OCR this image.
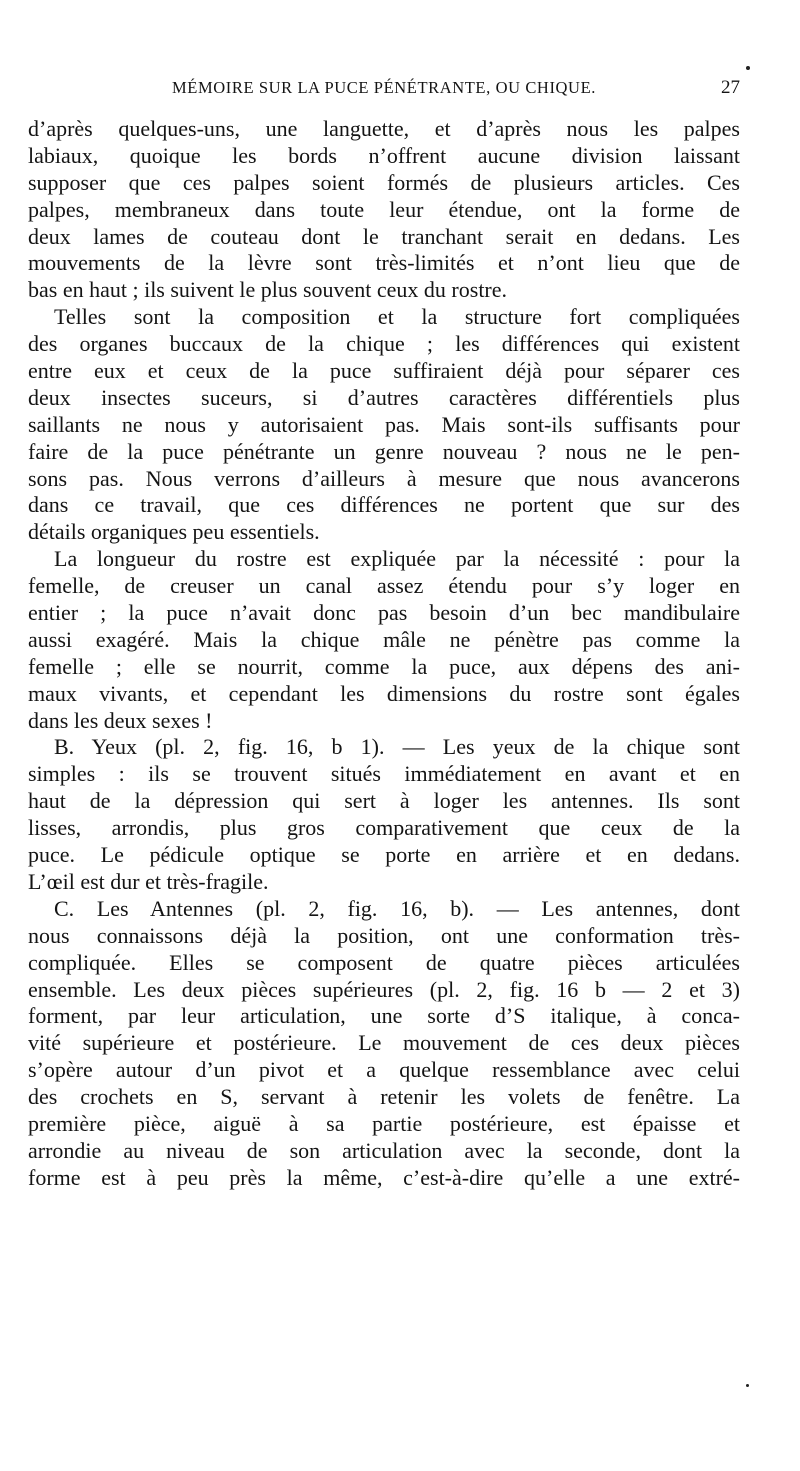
MÉMOIRE SUR LA PUCE PÉNÉTRANTE, OU CHIQUE.	27
d’après quelques-uns, une languette, et d’après nous les palpes
labiaux, quoique les bords n’offrent aucune division laissant
supposer que ces palpes soient formés de plusieurs articles. Ces
palpes, membraneux dans toute leur étendue, ont la forme de
deux lames de couteau dont le tranchant serait en dedans. Les
mouvements de la lèvre sont très-limités et n’ont lieu que de
bas en haut ; ils suivent le plus souvent ceux du rostre.
Telles sont la composition et la structure fort compliquées
des organes buccaux de la chique ; les différences qui existent
entre eux et ceux de la puce suffiraient déjà pour séparer ces
deux insectes suceurs, si d’autres caractères différentiels plus
saillants ne nous y autorisaient pas. Mais sont-ils suffisants pour
faire de la puce pénétrante un genre nouveau ? nous ne le pen-
sons pas. Nous verrons d’ailleurs à mesure que nous avancerons
dans ce travail, que ces différences ne portent que sur des
détails organiques peu essentiels.
La longueur du rostre est expliquée par la nécessité : pour la
femelle, de creuser un canal assez étendu pour s’y loger en
entier ; la puce n’avait donc pas besoin d’un bec mandibulaire
aussi exagéré. Mais la chique mâle ne pénètre pas comme la
femelle ; elle se nourrit, comme la puce, aux dépens des ani-
maux vivants, et cependant les dimensions du rostre sont égales
dans les deux sexes !
B. Yeux (pl. 2, fig. 16, b 1). — Les yeux de la chique sont
simples : ils se trouvent situés immédiatement en avant et en
haut de la dépression qui sert à loger les antennes. Ils sont
lisses, arrondis, plus gros comparativement que ceux de la
puce. Le pédicule optique se porte en arrière et en dedans.
L’œil est dur et très-fragile.
C. Les Antennes (pl. 2, fig. 16, b). — Les antennes, dont
nous connaissons déjà la position, ont une conformation très-
compliquée. Elles se composent de quatre pièces articulées
ensemble. Les deux pièces supérieures (pl. 2, fig. 16 b — 2 et 3)
forment, par leur articulation, une sorte d’S italique, à conca-
vité supérieure et postérieure. Le mouvement de ces deux pièces
s’opère autour d’un pivot et a quelque ressemblance avec celui
des crochets en S, servant à retenir les volets de fenêtre. La
première pièce, aiguë à sa partie postérieure, est épaisse et
arrondie au niveau de son articulation avec la seconde, dont la
forme est à peu près la même, c’est-à-dire qu’elle a une extré-
